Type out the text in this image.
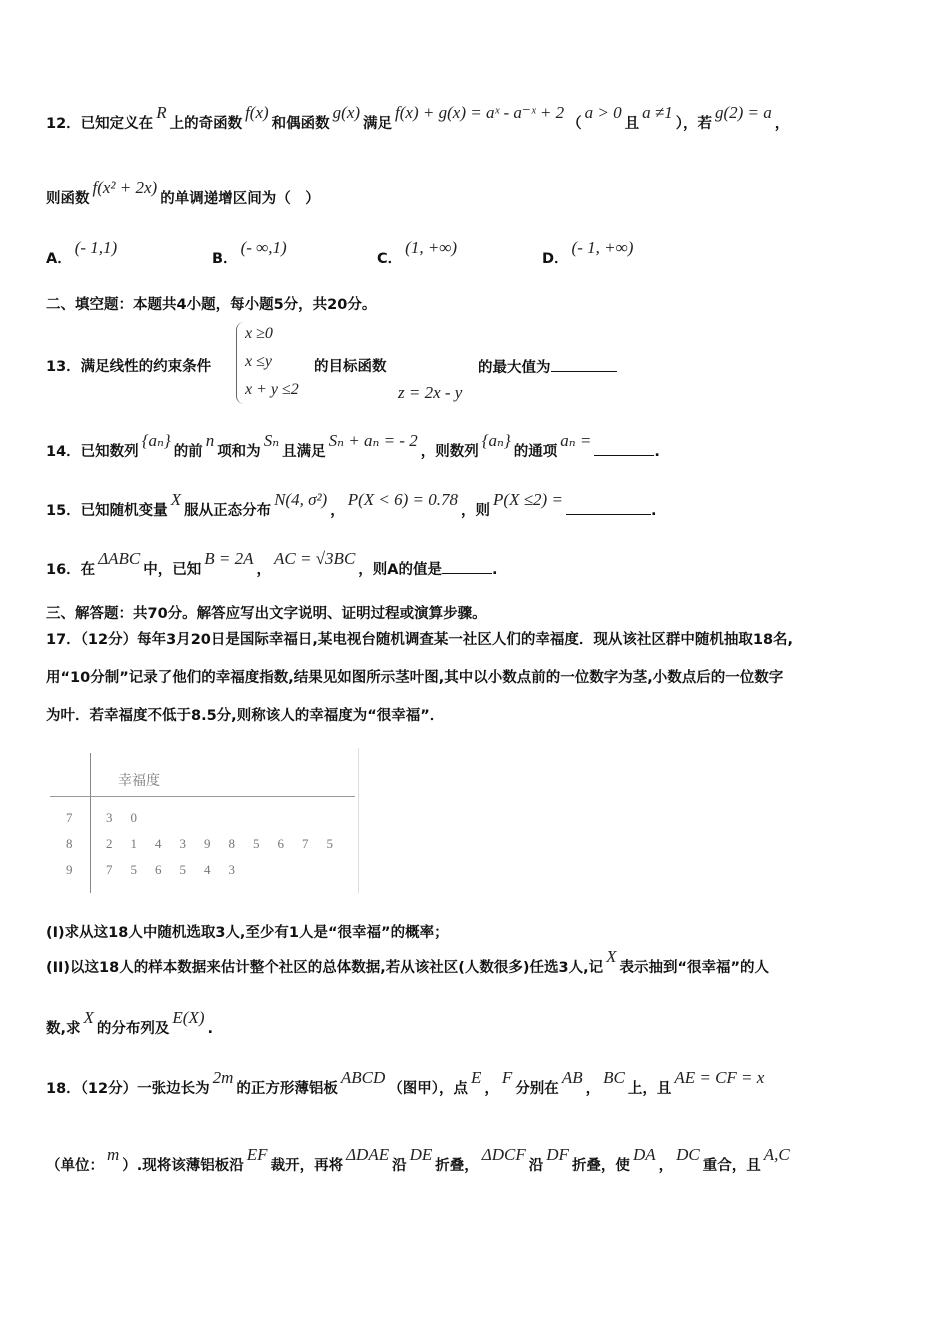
12．已知定义在R上的奇函数f(x)和偶函数g(x)满足f(x) + g(x) = aˣ - a⁻ˣ + 2（a > 0且a ≠1），若g(2) = a，
则函数f(x² + 2x)的单调递增区间为（　）
A．(- 1,1)
B．(- ∞,1)
C．(1, +∞)
D．(- 1, +∞)
二、填空题：本题共4小题，每小题5分，共20分。
13．满足线性的约束条件
x ≥0
x ≤y
x + y ≤2
的目标函数
z = 2x - y
的最大值为
14．已知数列{aₙ}的前n项和为Sₙ且满足Sₙ + aₙ = - 2，则数列{aₙ}的通项aₙ =.
15．已知随机变量X服从正态分布N(4, σ²)，P(X < 6) = 0.78，则P(X ≤2) =.
16．在ΔABC中，已知B = 2A，AC = √3BC，则A的值是	.
三、解答题：共70分。解答应写出文字说明、证明过程或演算步骤。
17．（12分）每年3月20日是国际幸福日,某电视台随机调查某一社区人们的幸福度．现从该社区群中随机抽取18名,
用“10分制”记录了他们的幸福度指数,结果见如图所示茎叶图,其中以小数点前的一位数字为茎,小数点后的一位数字
为叶．若幸福度不低于8.5分,则称该人的幸福度为“很幸福”．
幸福度
7	3 0
8	2 1 4 3 9 8 5 6 7 5
9	7 5 6 5 4 3
(I)求从这18人中随机选取3人,至少有1人是“很幸福”的概率；
(II)以这18人的样本数据来估计整个社区的总体数据,若从该社区(人数很多)任选3人,记X表示抽到“很幸福”的人
数,求X的分布列及E(X).
18．（12分）一张边长为2m的正方形薄铝板ABCD（图甲），点E，F分别在AB，BC上，且AE = CF = x
（单位：m）.现将该薄铝板沿EF裁开，再将ΔDAE沿DE折叠，ΔDCF沿DF折叠，使DA，DC重合，且A,C
